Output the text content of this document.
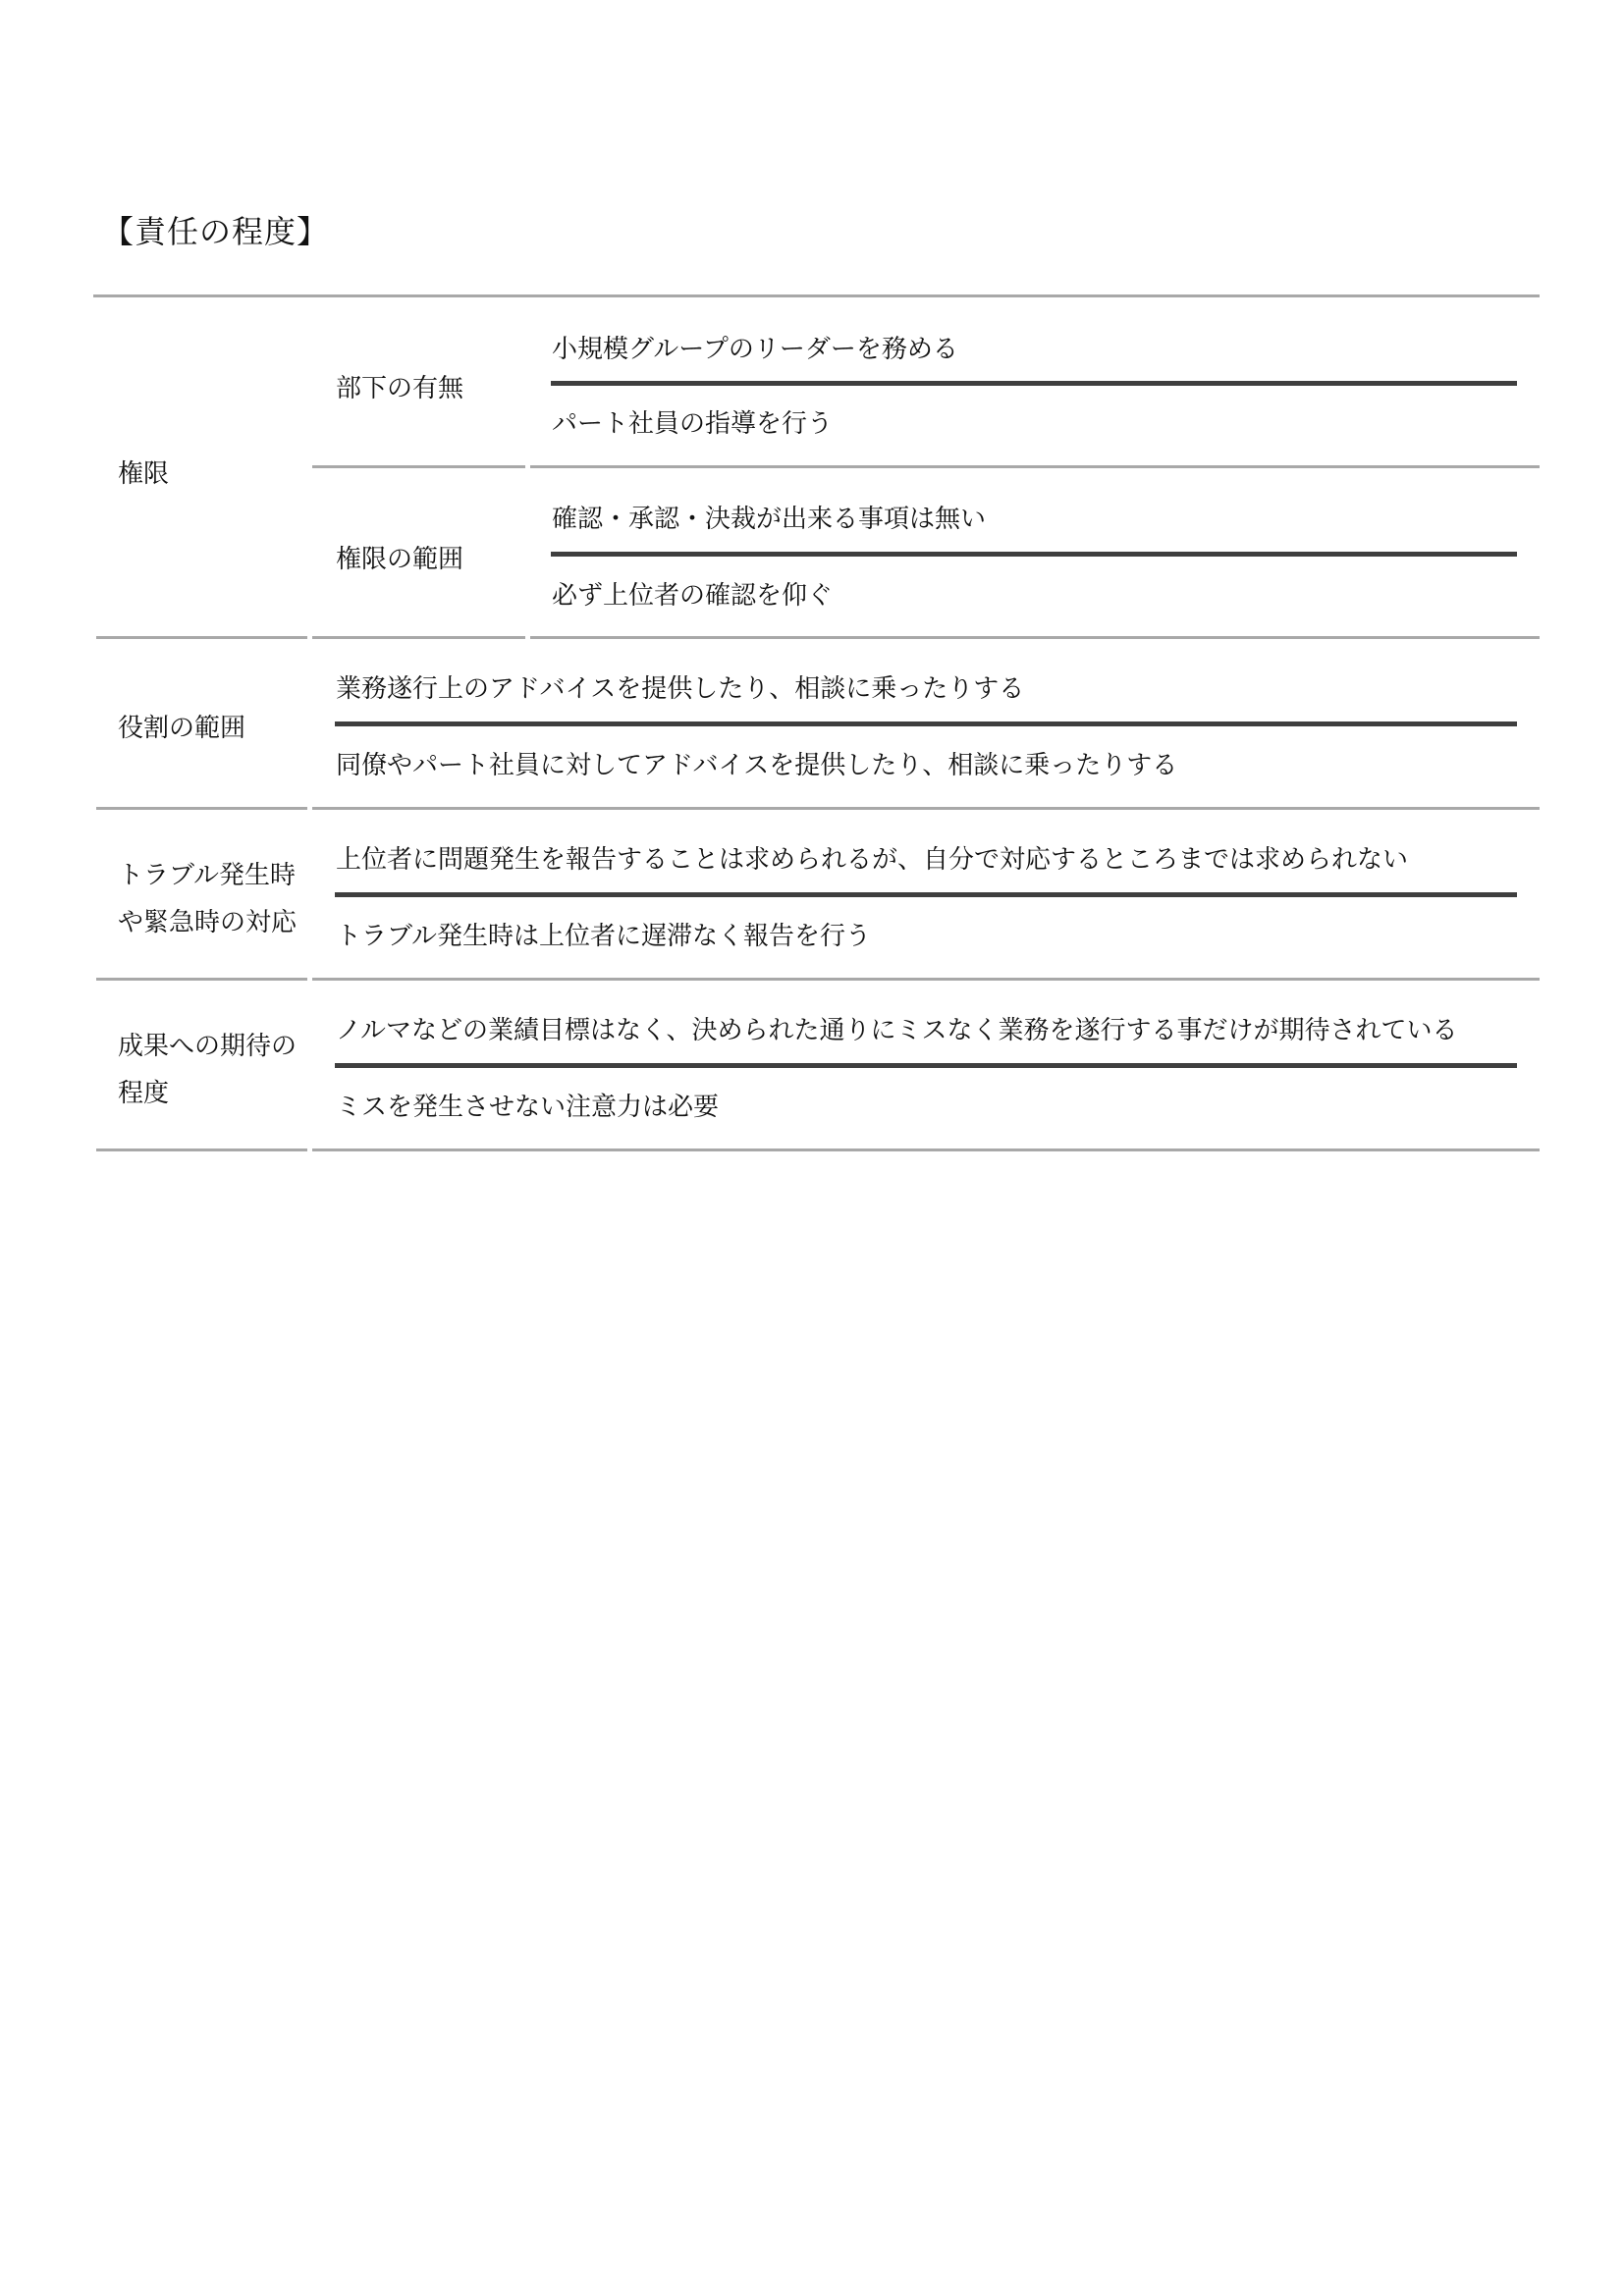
【責任の程度】
権限
部下の有無
小規模グループのリーダーを務める
パート社員の指導を行う
権限の範囲
確認・承認・決裁が出来る事項は無い
必ず上位者の確認を仰ぐ
役割の範囲
業務遂行上のアドバイスを提供したり、相談に乗ったりする
同僚やパート社員に対してアドバイスを提供したり、相談に乗ったりする
トラブル発生時
や緊急時の対応
上位者に問題発生を報告することは求められるが、自分で対応するところまでは求められない
トラブル発生時は上位者に遅滞なく報告を行う
成果への期待の
程度
ノルマなどの業績目標はなく、決められた通りにミスなく業務を遂行する事だけが期待されている
ミスを発生させない注意力は必要
